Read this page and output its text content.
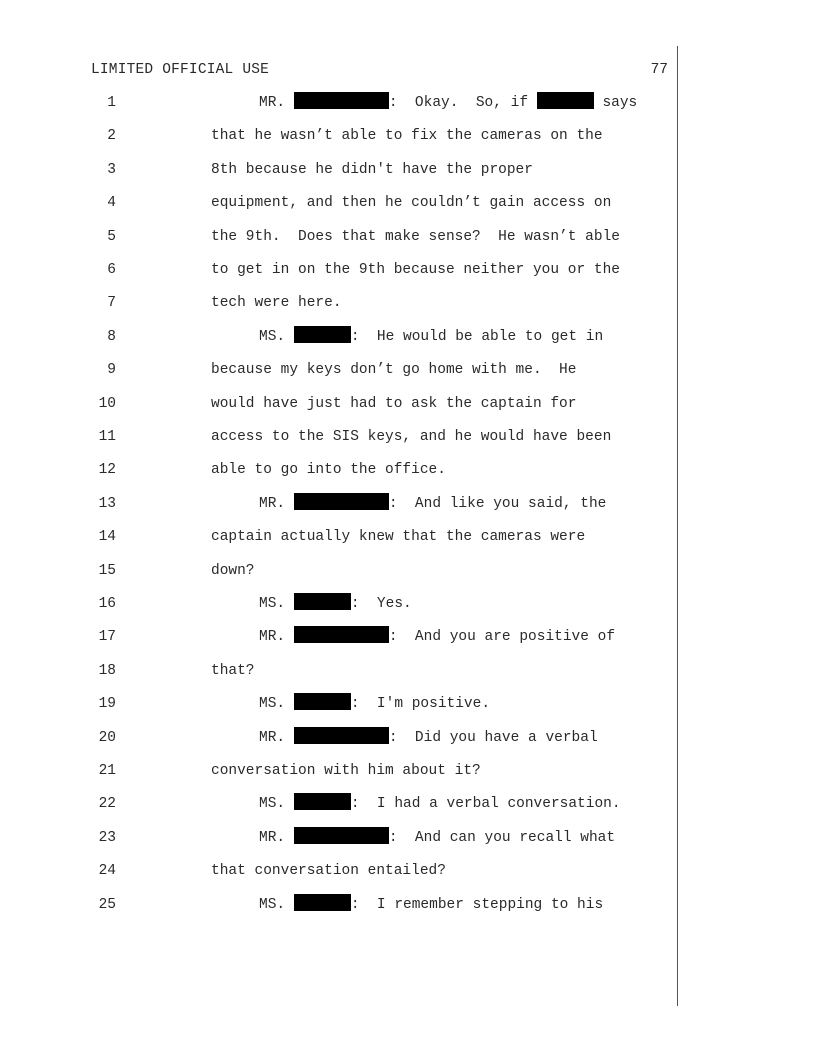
LIMITED OFFICIAL USE	77
1	MR.	:  Okay.  So, if	says
2	that he wasn’t able to fix the cameras on the
3	8th because he didn't have the proper
4	equipment, and then he couldn’t gain access on
5	the 9th.  Does that make sense?  He wasn’t able
6	to get in on the 9th because neither you or the
7	tech were here.
8	MS.	:  He would be able to get in
9	because my keys don’t go home with me.  He
10	would have just had to ask the captain for
11	access to the SIS keys, and he would have been
12	able to go into the office.
13	MR.	:  And like you said, the
14	captain actually knew that the cameras were
15	down?
16	MS.	:  Yes.
17	MR.	:  And you are positive of
18	that?
19	MS.	:  I'm positive.
20	MR.	:  Did you have a verbal
21	conversation with him about it?
22	MS.	:  I had a verbal conversation.
23	MR.	:  And can you recall what
24	that conversation entailed?
25	MS.	:  I remember stepping to his
